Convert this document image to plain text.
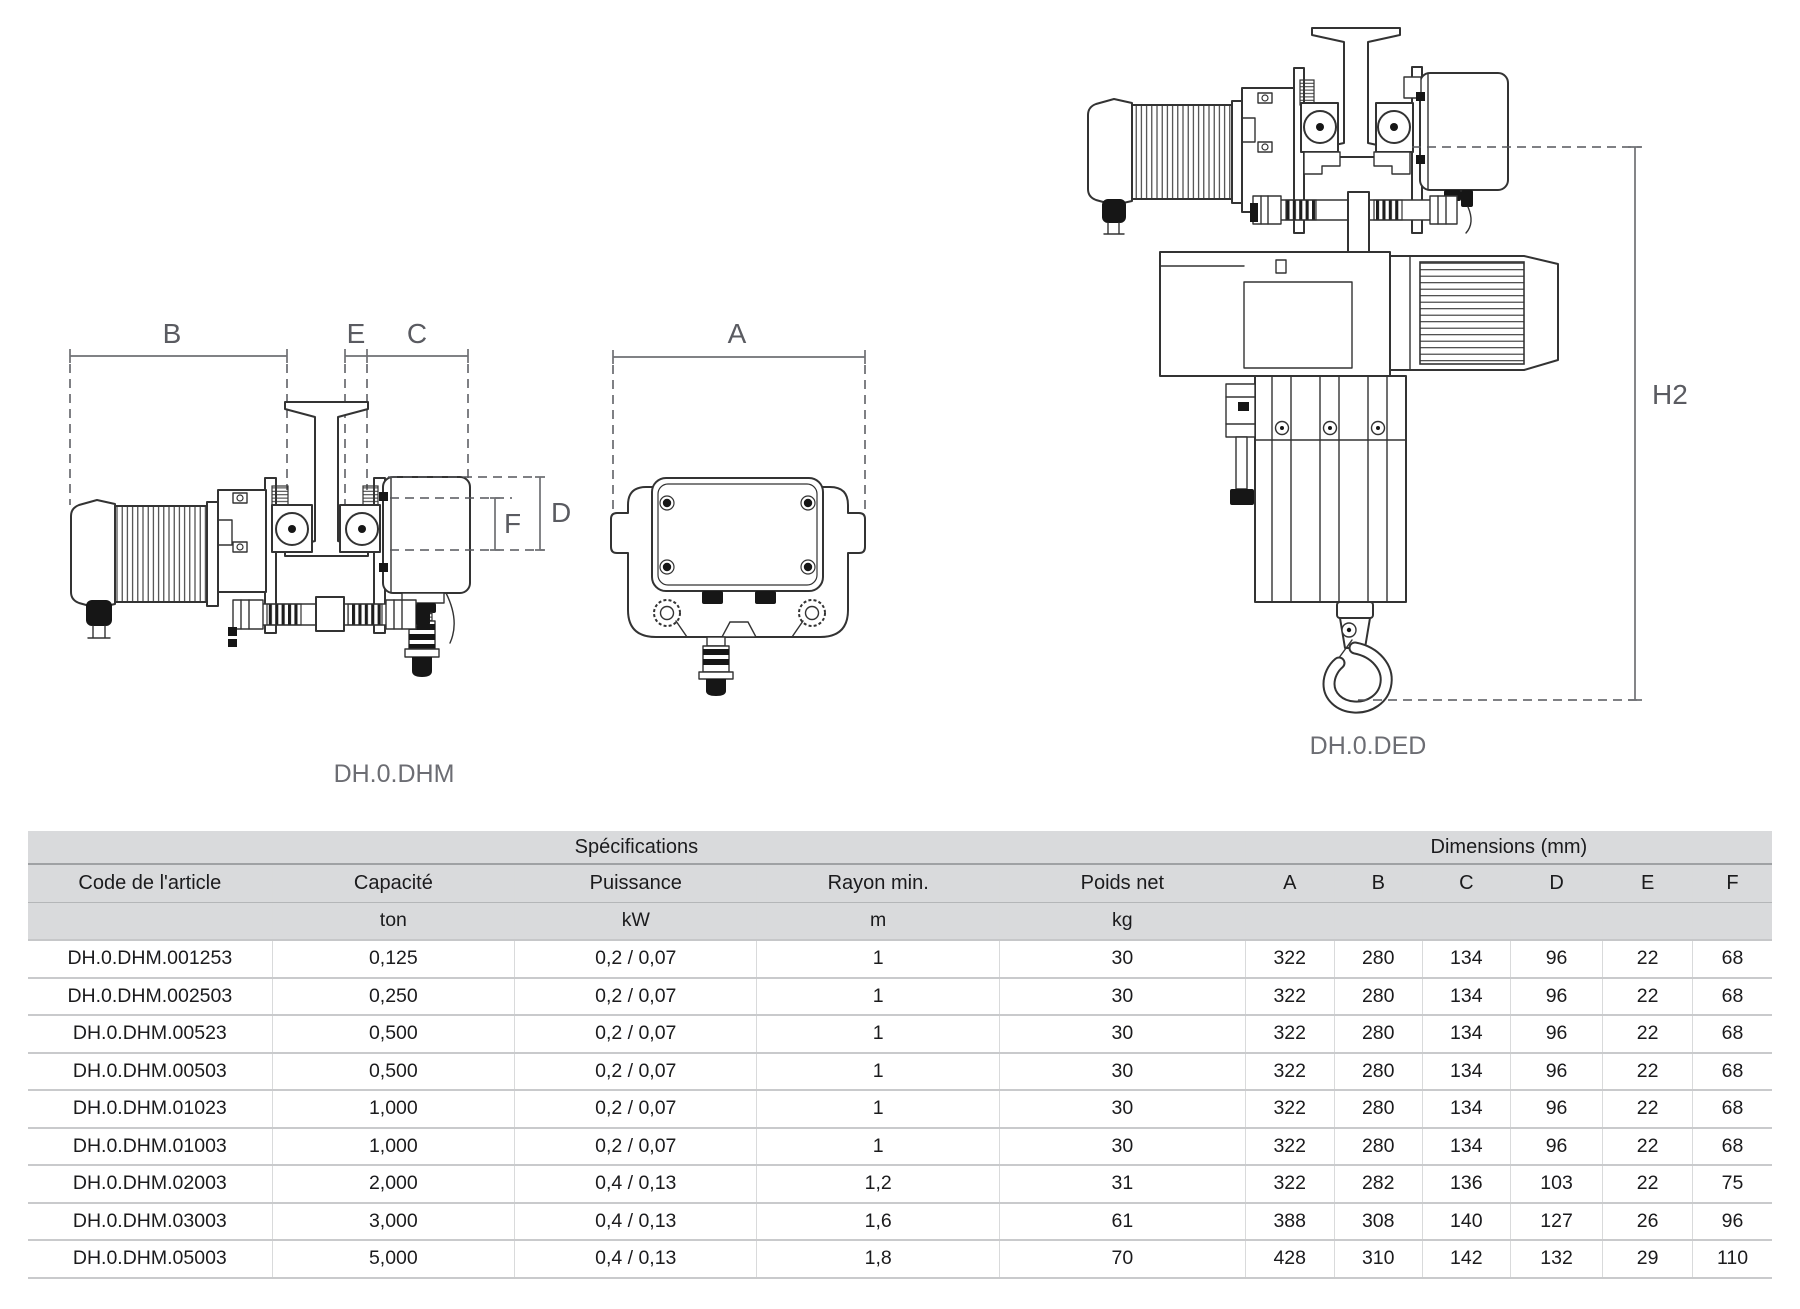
B	E C
F D
DH.0.DHM
A
H2
DH.0.DED
Spécifications					Dimensions (mm)					
Code de l'article	Capacité	Puissance	Rayon min.	Poids net	A	B	C	D	E	F
	ton	kW	m	kg						
DH.0.DHM.001253	0,125	0,2 / 0,07	1	30	322	280	134	96	22	68
DH.0.DHM.002503	0,250	0,2 / 0,07	1	30	322	280	134	96	22	68
DH.0.DHM.00523	0,500	0,2 / 0,07	1	30	322	280	134	96	22	68
DH.0.DHM.00503	0,500	0,2 / 0,07	1	30	322	280	134	96	22	68
DH.0.DHM.01023	1,000	0,2 / 0,07	1	30	322	280	134	96	22	68
DH.0.DHM.01003	1,000	0,2 / 0,07	1	30	322	280	134	96	22	68
DH.0.DHM.02003	2,000	0,4 / 0,13	1,2	31	322	282	136	103	22	75
DH.0.DHM.03003	3,000	0,4 / 0,13	1,6	61	388	308	140	127	26	96
DH.0.DHM.05003	5,000	0,4 / 0,13	1,8	70	428	310	142	132	29	110
